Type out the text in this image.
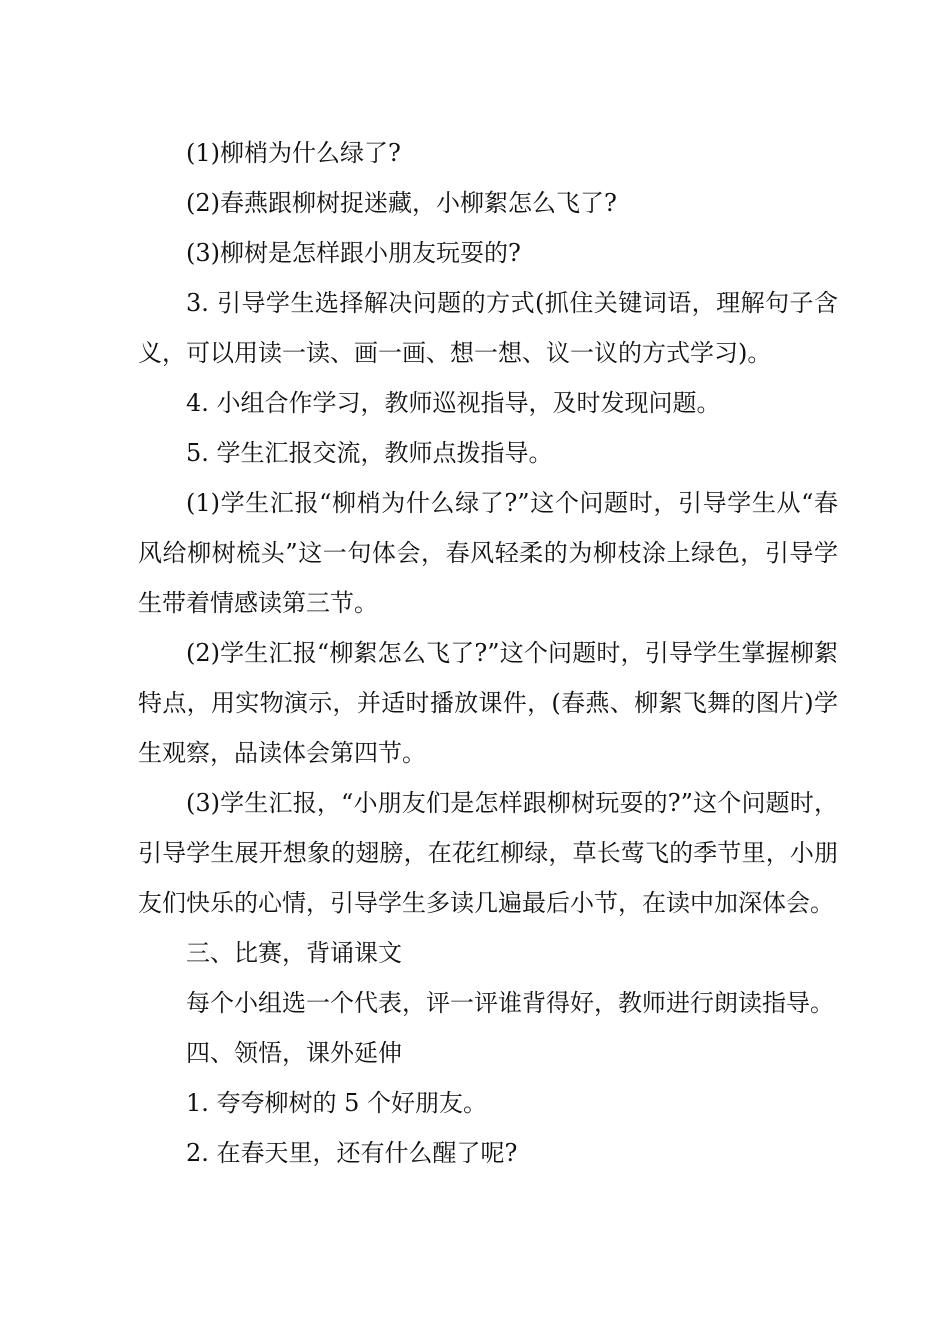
(1)柳梢为什么绿了?

(2)春燕跟柳树捉迷藏，小柳絮怎么飞了?

(3)柳树是怎样跟小朋友玩耍的?

3. 引导学生选择解决问题的方式(抓住关键词语，理解句子含义，可以用读一读、画一画、想一想、议一议的方式学习)。

4. 小组合作学习，教师巡视指导，及时发现问题。

5. 学生汇报交流，教师点拨指导。

(1)学生汇报“柳梢为什么绿了?”这个问题时，引导学生从“春风给柳树梳头”这一句体会，春风轻柔的为柳枝涂上绿色，引导学生带着情感读第三节。

(2)学生汇报“柳絮怎么飞了?”这个问题时，引导学生掌握柳絮特点，用实物演示，并适时播放课件，(春燕、柳絮飞舞的图片)学生观察，品读体会第四节。

(3)学生汇报，“小朋友们是怎样跟柳树玩耍的?”这个问题时，引导学生展开想象的翅膀，在花红柳绿，草长莺飞的季节里，小朋友们快乐的心情，引导学生多读几遍最后小节，在读中加深体会。

三、比赛，背诵课文

每个小组选一个代表，评一评谁背得好，教师进行朗读指导。

四、领悟，课外延伸

1. 夸夸柳树的 5 个好朋友。

2. 在春天里，还有什么醒了呢?
